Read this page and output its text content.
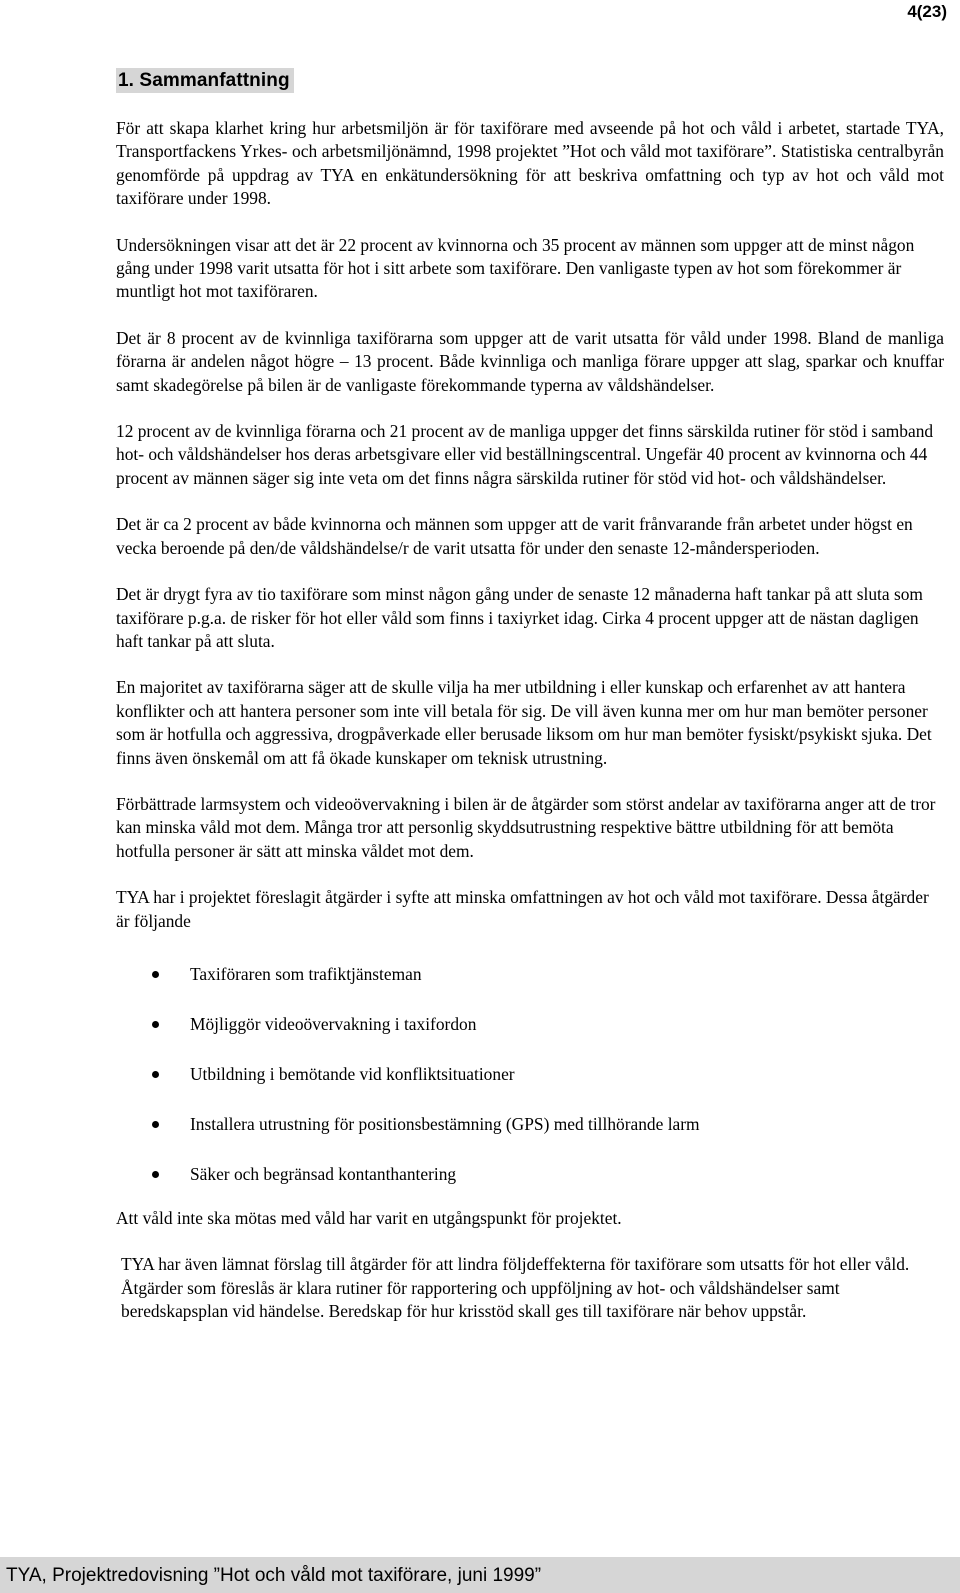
4(23)
1. Sammanfattning

För att skapa klarhet kring hur arbetsmiljön är för taxiförare med avseende på hot och våld i arbetet, startade TYA, Transportfackens Yrkes- och arbetsmiljönämnd, 1998 projektet ”Hot och våld mot taxiförare”. Statistiska centralbyrån genomförde på uppdrag av TYA en enkätundersökning för att beskriva omfattning och typ av hot och våld mot taxiförare under 1998.

Undersökningen visar att det är 22 procent av kvinnorna och 35 procent av männen som uppger att de minst någon gång under 1998 varit utsatta för hot i sitt arbete som taxiförare. Den vanligaste typen av hot som förekommer är muntligt hot mot taxiföraren.

Det är 8 procent av de kvinnliga taxiförarna som uppger att de varit utsatta för våld under 1998. Bland de manliga förarna är andelen något högre – 13 procent. Både kvinnliga och manliga förare uppger att slag, sparkar och knuffar samt skadegörelse på bilen är de vanligaste förekommande typerna av våldshändelser.

12 procent av de kvinnliga förarna och 21 procent av de manliga uppger det finns särskilda rutiner för stöd i samband hot- och våldshändelser hos deras arbetsgivare eller vid beställningscentral. Ungefär 40 procent av kvinnorna och 44 procent av männen säger sig inte veta om det finns några särskilda rutiner för stöd vid hot- och våldshändelser.

Det är ca 2 procent av både kvinnorna och männen som uppger att de varit frånvarande från arbetet under högst en vecka beroende på den/de våldshändelse/r de varit utsatta för under den senaste 12-måndersperioden.

Det är drygt fyra av tio taxiförare som minst någon gång under de senaste 12 månaderna haft tankar på att sluta som taxiförare p.g.a. de risker för hot eller våld som finns i taxiyrket idag. Cirka 4 procent uppger att de nästan dagligen haft tankar på att sluta.

En majoritet av taxiförarna säger att de skulle vilja ha mer utbildning i eller kunskap och erfarenhet av att hantera konflikter och att hantera personer som inte vill betala för sig. De vill även kunna mer om hur man bemöter personer som är hotfulla och aggressiva, drogpåverkade eller berusade liksom om hur man bemöter fysiskt/psykiskt sjuka. Det finns även önskemål om att få ökade kunskaper om teknisk utrustning.

Förbättrade larmsystem och videoövervakning i bilen är de åtgärder som störst andelar av taxiförarna anger att de tror kan minska våld mot dem. Många tror att personlig skyddsutrustning respektive bättre utbildning för att bemöta hotfulla personer är sätt att minska våldet mot dem.

TYA har i projektet föreslagit åtgärder i syfte att minska omfattningen av hot och våld mot taxiförare. Dessa åtgärder är följande

Taxiföraren som trafiktjänsteman
Möjliggör videoövervakning i taxifordon
Utbildning i bemötande vid konfliktsituationer
Installera utrustning för positionsbestämning (GPS) med tillhörande larm
Säker och begränsad kontanthantering

Att våld inte ska mötas med våld har varit en utgångspunkt för projektet.

TYA har även lämnat förslag till åtgärder för att lindra följdeffekterna för taxiförare som utsatts för hot eller våld. Åtgärder som föreslås är klara rutiner för rapportering och uppföljning av hot- och våldshändelser samt beredskapsplan vid händelse. Beredskap för hur krisstöd skall ges till taxiförare när behov uppstår.

TYA, Projektredovisning ”Hot och våld mot taxiförare, juni 1999”
